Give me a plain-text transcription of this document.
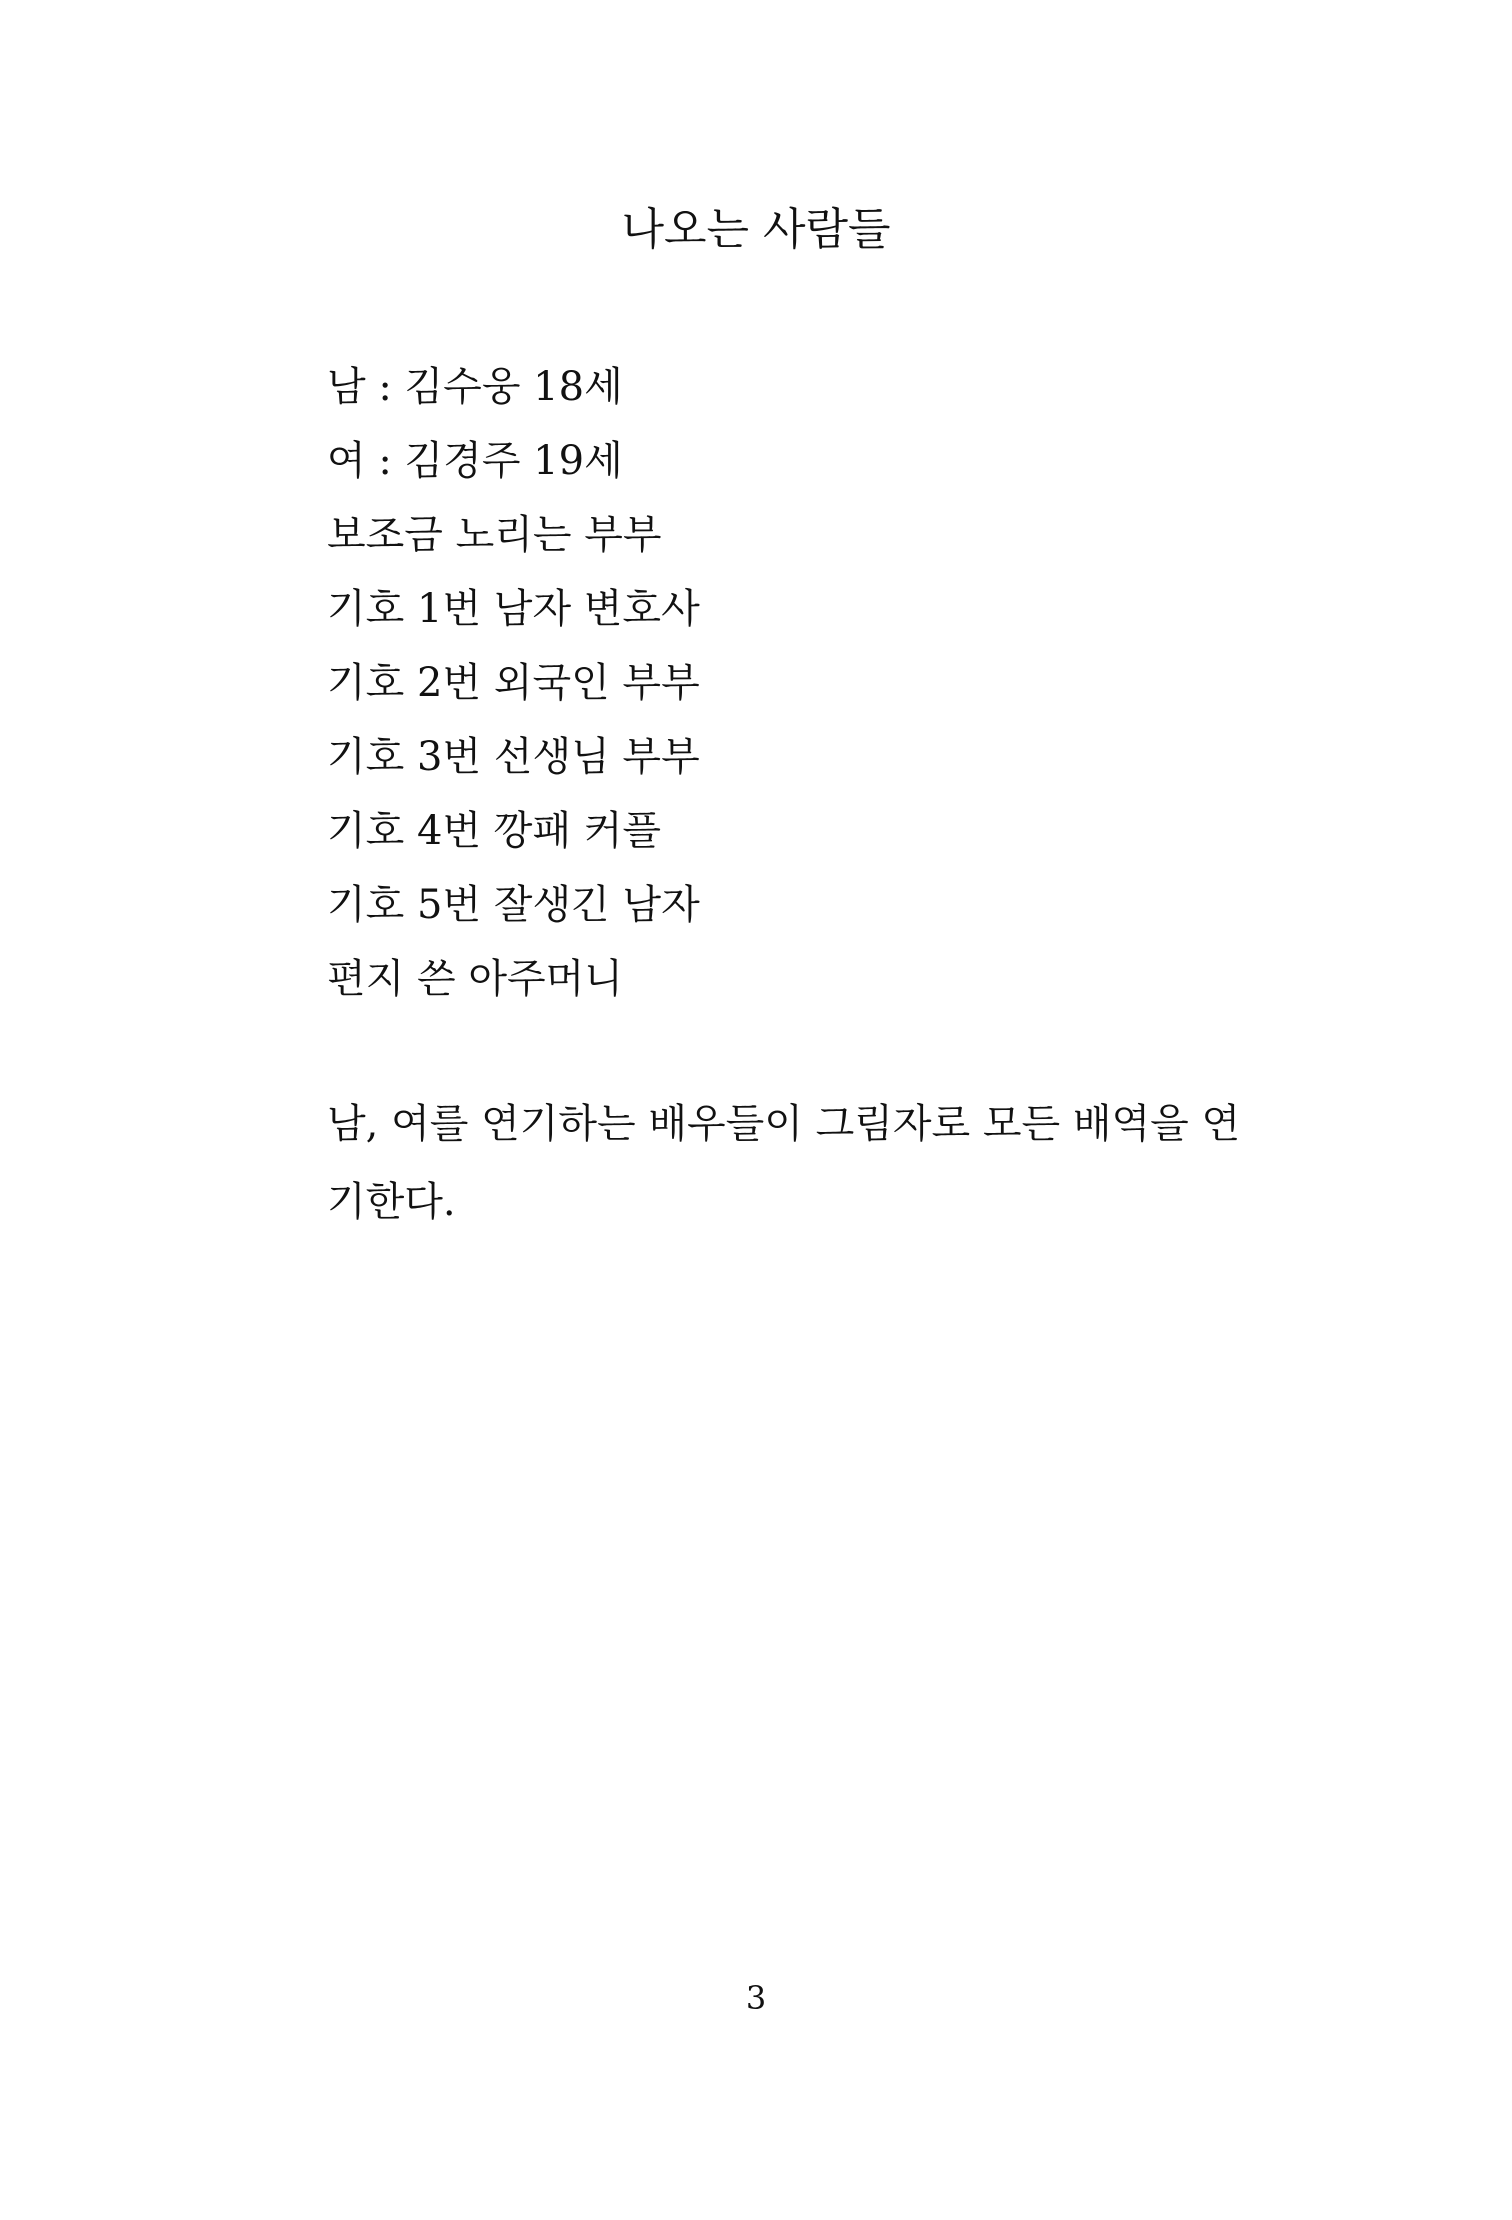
나오는 사람들
남 : 김수웅 18세
여 : 김경주 19세
보조금 노리는 부부
기호 1번 남자 변호사
기호 2번 외국인 부부
기호 3번 선생님 부부
기호 4번 깡패 커플
기호 5번 잘생긴 남자
편지 쓴 아주머니

남, 여를 연기하는 배우들이 그림자로 모든 배역을 연기한다.

3
